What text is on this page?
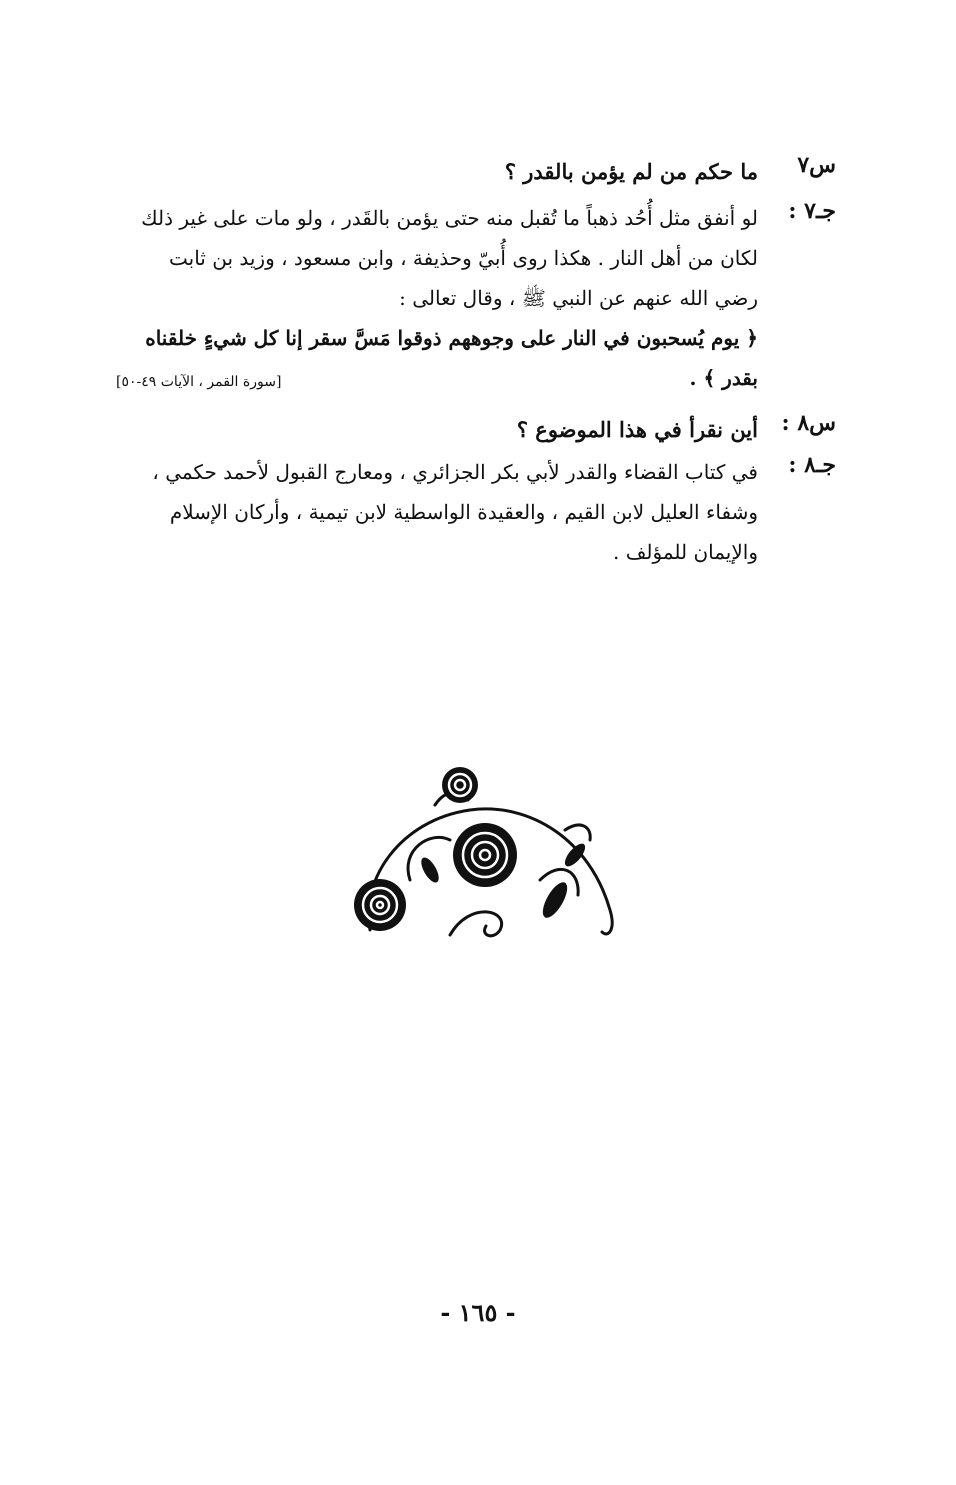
س٧
ما حكم من لم يؤمن بالقدر ؟
جـ٧ :
لو أنفق مثل أُحُد ذهباً ما تُقبل منه حتى يؤمن بالقَدر ، ولو مات على غير ذلك
لكان من أهل النار . هكذا روى أُبيّ وحذيفة ، وابن مسعود ، وزيد بن ثابت
رضي الله عنهم عن النبي ﷺ ، وقال تعالى :
﴿ يوم يُسحبون في النار على وجوههم ذوقوا مَسَّ سقر إنا كل شيءٍ خلقناه
بقدر ﴾ .
[سورة القمر ، الآيات ٤٩-٥٠]
س٨ :
أين نقرأ في هذا الموضوع ؟
جـ٨ :
في كتاب القضاء والقدر لأبي بكر الجزائري ، ومعارج القبول لأحمد حكمي ،
وشفاء العليل لابن القيم ، والعقيدة الواسطية لابن تيمية ، وأركان الإسلام
والإيمان للمؤلف .
- ١٦٥ -
